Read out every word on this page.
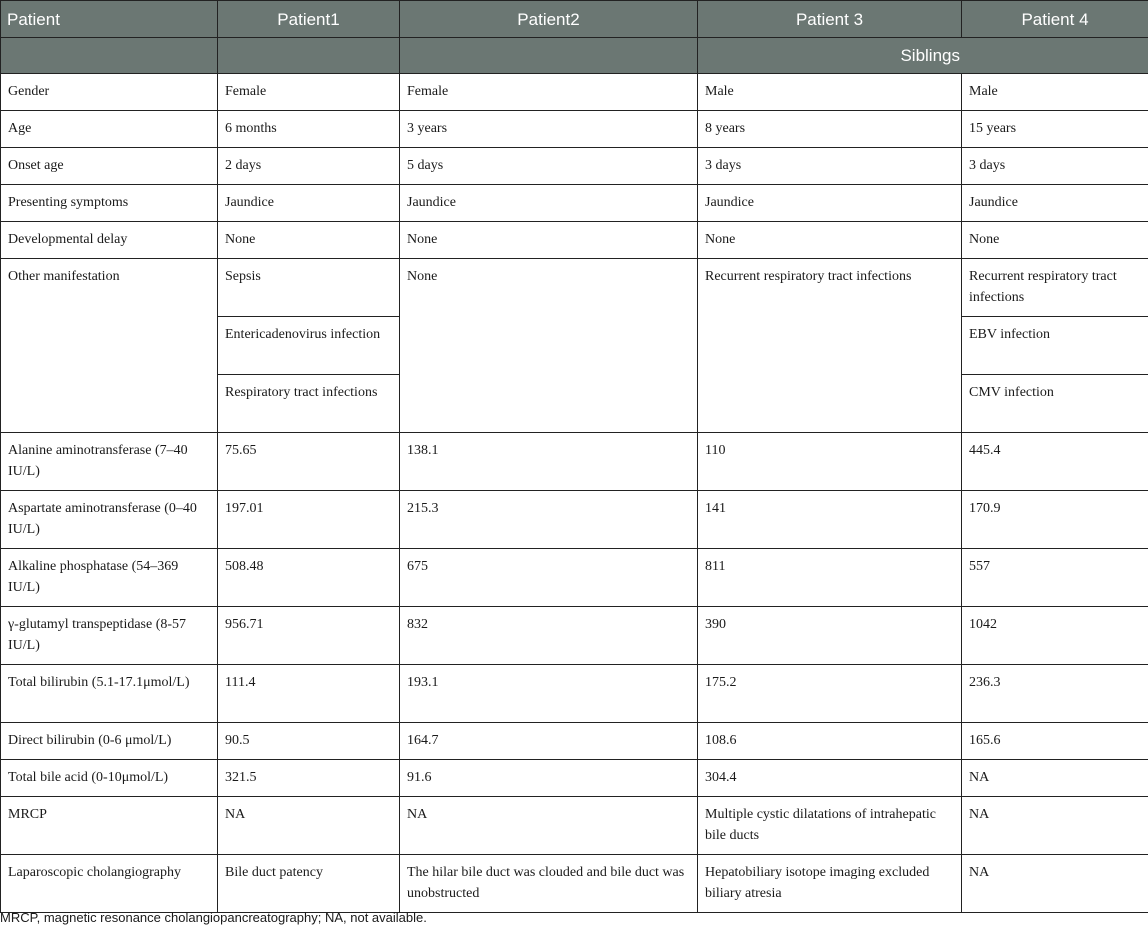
Patient	Patient1	Patient2	Patient 3	Patient 4
			Siblings	
Gender	Female	Female	Male	Male
Age	6 months	3 years	8 years	15 years
Onset age	2 days	5 days	3 days	3 days
Presenting symptoms	Jaundice	Jaundice	Jaundice	Jaundice
Developmental delay	None	None	None	None
Other manifestation	Sepsis	None	Recurrent respiratory tract infections	Recurrent respiratory tract infections
	Entericadenovirus infection			EBV infection
	Respiratory tract infections			CMV infection
Alanine aminotransferase (7–40 IU/L)	75.65	138.1	110	445.4
Aspartate aminotransferase (0–40 IU/L)	197.01	215.3	141	170.9
Alkaline phosphatase (54–369 IU/L)	508.48	675	811	557
γ-glutamyl transpeptidase (8-57 IU/L)	956.71	832	390	1042
Total bilirubin (5.1-17.1μmol/L)	111.4	193.1	175.2	236.3
Direct bilirubin (0-6 μmol/L)	90.5	164.7	108.6	165.6
Total bile acid (0-10μmol/L)	321.5	91.6	304.4	NA
MRCP	NA	NA	Multiple cystic dilatations of intrahepatic bile ducts	NA
Laparoscopic cholangiography	Bile duct patency	The hilar bile duct was clouded and bile duct was unobstructed	Hepatobiliary isotope imaging excluded biliary atresia	NA

MRCP, magnetic resonance cholangiopancreatography; NA, not available.
